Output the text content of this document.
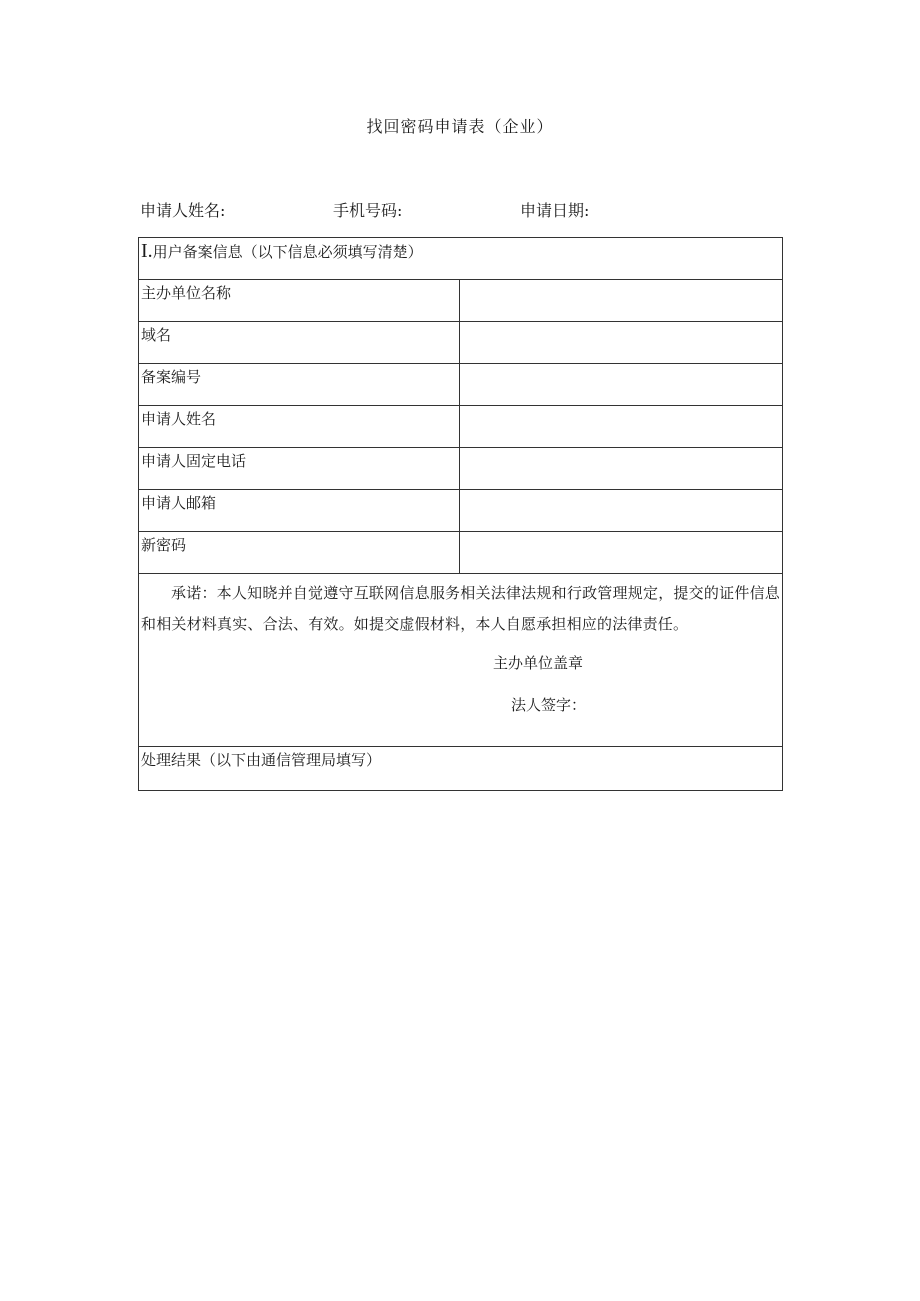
找回密码申请表（企业）
申请人姓名:	手机号码:	申请日期:
I.用户备案信息（以下信息必须填写清楚）	
主办单位名称	
域名	
备案编号	
申请人姓名	
申请人固定电话	
申请人邮箱	
新密码	

承诺：本人知晓并自觉遵守互联网信息服务相关法律法规和行政管理规定，提交的证件信息和相关材料真实、合法、有效。如提交虚假材料，本人自愿承担相应的法律责任。
主办单位盖章
法人签字：	

处理结果（以下由通信管理局填写）	
